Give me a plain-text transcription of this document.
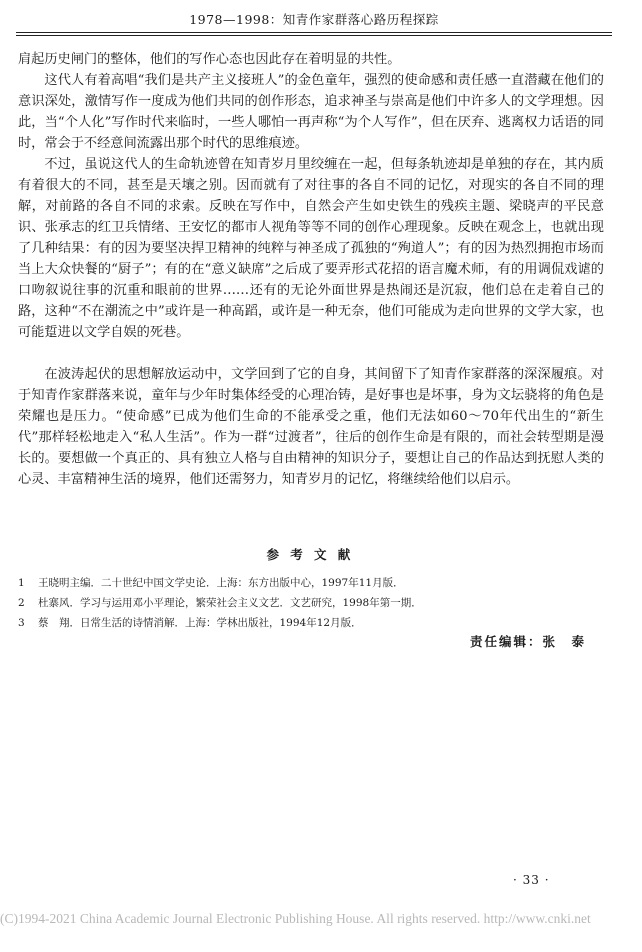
1978—1998：知青作家群落心路历程探踪

肩起历史闸门的整体，他们的写作心态也因此存在着明显的共性。

这代人有着高唱“我们是共产主义接班人”的金色童年，强烈的使命感和责任感一直潜藏在他们的意识深处，激情写作一度成为他们共同的创作形态，追求神圣与崇高是他们中许多人的文学理想。因此，当“个人化”写作时代来临时，一些人哪怕一再声称“为个人写作”，但在厌弃、逃离权力话语的同时，常会于不经意间流露出那个时代的思维痕迹。

不过，虽说这代人的生命轨迹曾在知青岁月里绞缠在一起，但每条轨迹却是单独的存在，其内质有着很大的不同，甚至是天壤之别。因而就有了对往事的各自不同的记忆，对现实的各自不同的理解，对前路的各自不同的求索。反映在写作中，自然会产生如史铁生的残疾主题、梁晓声的平民意识、张承志的红卫兵情绪、王安忆的都市人视角等等不同的创作心理现象。反映在观念上，也就出现了几种结果：有的因为要坚决捍卫精神的纯粹与神圣成了孤独的“殉道人”；有的因为热烈拥抱市场而当上大众快餐的“厨子”；有的在“意义缺席”之后成了要弄形式花招的语言魔术师，有的用调侃戏谑的口吻叙说往事的沉重和眼前的世界……还有的无论外面世界是热闹还是沉寂，他们总在走着自己的路，这种“不在潮流之中”或许是一种高蹈，或许是一种无奈，他们可能成为走向世界的文学大家，也可能踅进以文学自娱的死巷。

在波涛起伏的思想解放运动中，文学回到了它的自身，其间留下了知青作家群落的深深履痕。对于知青作家群落来说，童年与少年时集体经受的心理冶铸，是好事也是坏事，身为文坛骁将的角色是荣耀也是压力。“使命感”已成为他们生命的不能承受之重，他们无法如60～70年代出生的“新生代”那样轻松地走入“私人生活”。作为一群“过渡者”，往后的创作生命是有限的，而社会转型期是漫长的。要想做一个真正的、具有独立人格与自由精神的知识分子，要想让自己的作品达到抚慰人类的心灵、丰富精神生活的境界，他们还需努力，知青岁月的记忆，将继续给他们以启示。

参考文献
1	王晓明主编．二十世纪中国文学史论．上海：东方出版中心，1997年11月版．
2	杜寨风．学习与运用邓小平理论，繁荣社会主义文艺．文艺研究，1998年第一期．
3	蔡　翔．日常生活的诗情消解．上海：学林出版社，1994年12月版．
责任编辑：张　泰
· 33 ·
(C)1994-2021 China Academic Journal Electronic Publishing House. All rights reserved. http://www.cnki.net
